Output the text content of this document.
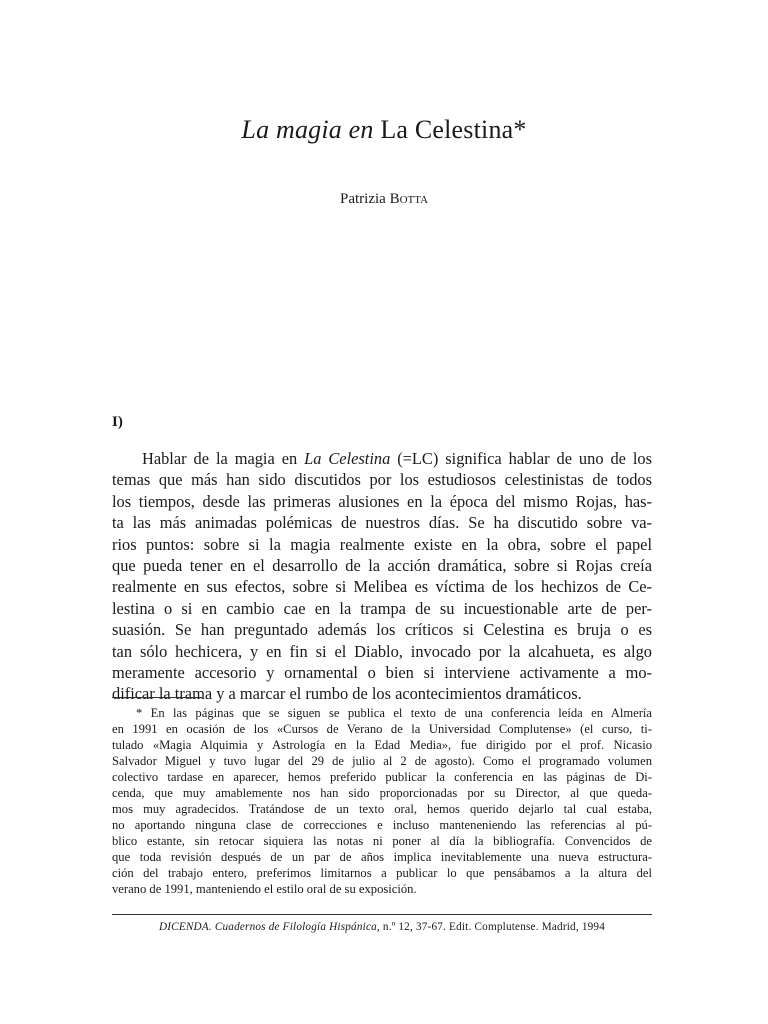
La magia en La Celestina*
Patrizia Botta
I)
Hablar de la magia en La Celestina (=LC) significa hablar de uno de los
temas que más han sido discutidos por los estudiosos celestinistas de todos
los tiempos, desde las primeras alusiones en la época del mismo Rojas, has-
ta las más animadas polémicas de nuestros días. Se ha discutido sobre va-
rios puntos: sobre si la magia realmente existe en la obra, sobre el papel
que pueda tener en el desarrollo de la acción dramática, sobre si Rojas creía
realmente en sus efectos, sobre si Melibea es víctima de los hechizos de Ce-
lestina o si en cambio cae en la trampa de su incuestionable arte de per-
suasión. Se han preguntado además los críticos si Celestina es bruja o es
tan sólo hechicera, y en fin si el Diablo, invocado por la alcahueta, es algo
meramente accesorio y ornamental o bien si interviene activamente a mo-
dificar la trama y a marcar el rumbo de los acontecimientos dramáticos.
* En las páginas que se siguen se publica el texto de una conferencia leída en Almería
en 1991 en ocasión de los «Cursos de Verano de la Universidad Complutense» (el curso, ti-
tulado «Magia Alquimia y Astrología en la Edad Media», fue dirigido por el prof. Nicasio
Salvador Miguel y tuvo lugar del 29 de julio al 2 de agosto). Como el programado volumen
colectivo tardase en aparecer, hemos preferido publicar la conferencia en las páginas de Di-
cenda, que muy amablemente nos han sido proporcionadas por su Director, al que queda-
mos muy agradecidos. Tratándose de un texto oral, hemos querido dejarlo tal cual estaba,
no aportando ninguna clase de correcciones e incluso manteneniendo las referencias al pú-
blico estante, sin retocar siquiera las notas ni poner al día la bibliografía. Convencidos de
que toda revisión después de un par de años implica inevitablemente una nueva estructura-
ción del trabajo entero, preferimos limitarnos a publicar lo que pensábamos a la altura del
verano de 1991, manteniendo el estilo oral de su exposición.
DICENDA. Cuadernos de Filología Hispánica, n.º 12, 37-67. Edit. Complutense. Madrid, 1994
